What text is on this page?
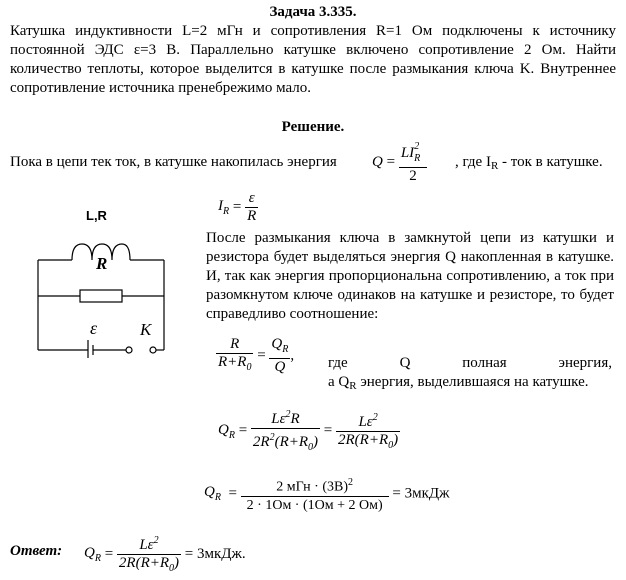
Задача 3.335.

Катушка индуктивности L=2 мГн и сопротивления R=1 Ом подключены к источнику постоянной ЭДС ε=3 В. Параллельно катушке включено сопротивление 2 Ом. Найти количество теплоты, которое выделится в катушке после размыкания ключа K. Внутреннее сопротивление источника пренебрежимо мало.

Решение.
Пока в цепи тек ток, в катушке накопилась энергия $Q = \frac{LI_R^2}{2}$ , где $I_R$ - ток в катушке.
$I_R = \frac{\varepsilon}{R}$
L,R
R
ε	K

После размыкания ключа в замкнутой цепи из катушки и резистора будет выделяться энергия Q накопленная в катушке. И, так как энергия пропорциональна сопротивлению, а ток при разомкнутом ключе одинаков на катушке и резисторе, то будет справедливо соотношение:

$\frac{R}{R+R_0} = \frac{Q_R}{Q}$ , где	Q	полная	энергия,
а $Q_R$ энергия, выделившаяся на катушке.
$Q_R = \frac{L\varepsilon^2R}{2R^2(R+R_0)} = \frac{L\varepsilon^2}{2R(R+R_0)}$
$Q_R = \frac{2 мГн \cdot (3В)^2}{2 \cdot 1Ом \cdot (1Ом + 2 Ом)}$ = 3мкДж
Ответ: $Q_R = \frac{L\varepsilon^2}{2R(R+R_0)}$ = 3мкДж.
